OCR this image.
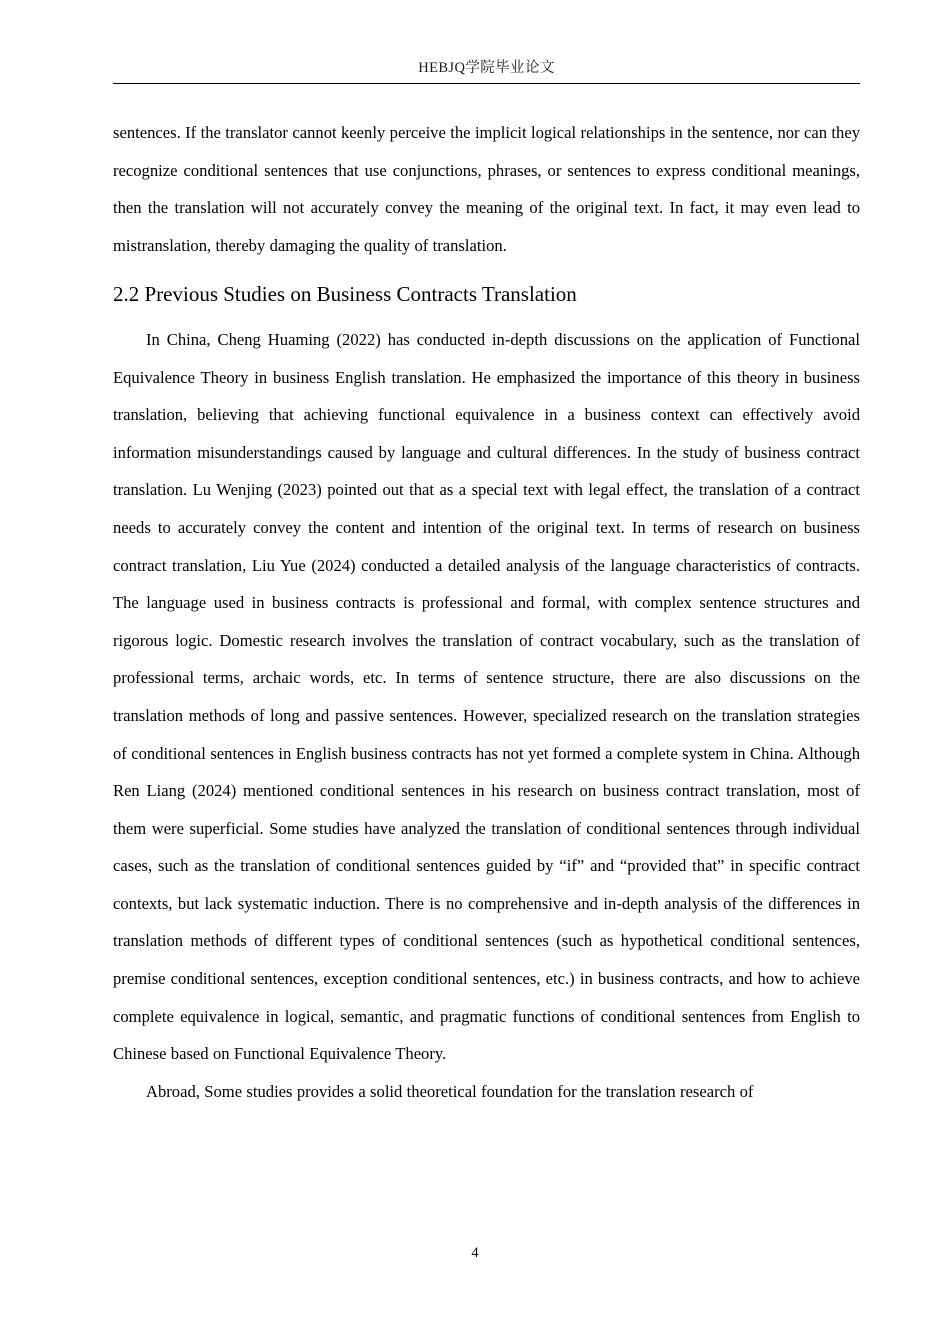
HEBJQ学院毕业论文

sentences. If the translator cannot keenly perceive the implicit logical relationships in the sentence, nor can they recognize conditional sentences that use conjunctions, phrases, or sentences to express conditional meanings, then the translation will not accurately convey the meaning of the original text. In fact, it may even lead to mistranslation, thereby damaging the quality of translation.

2.2 Previous Studies on Business Contracts Translation

In China, Cheng Huaming (2022) has conducted in-depth discussions on the application of Functional Equivalence Theory in business English translation. He emphasized the importance of this theory in business translation, believing that achieving functional equivalence in a business context can effectively avoid information misunderstandings caused by language and cultural differences. In the study of business contract translation. Lu Wenjing (2023) pointed out that as a special text with legal effect, the translation of a contract needs to accurately convey the content and intention of the original text. In terms of research on business contract translation, Liu Yue (2024) conducted a detailed analysis of the language characteristics of contracts. The language used in business contracts is professional and formal, with complex sentence structures and rigorous logic. Domestic research involves the translation of contract vocabulary, such as the translation of professional terms, archaic words, etc. In terms of sentence structure, there are also discussions on the translation methods of long and passive sentences. However, specialized research on the translation strategies of conditional sentences in English business contracts has not yet formed a complete system in China. Although Ren Liang (2024) mentioned conditional sentences in his research on business contract translation, most of them were superficial. Some studies have analyzed the translation of conditional sentences through individual cases, such as the translation of conditional sentences guided by “if” and “provided that” in specific contract contexts, but lack systematic induction. There is no comprehensive and in-depth analysis of the differences in translation methods of different types of conditional sentences (such as hypothetical conditional sentences, premise conditional sentences, exception conditional sentences, etc.) in business contracts, and how to achieve complete equivalence in logical, semantic, and pragmatic functions of conditional sentences from English to Chinese based on Functional Equivalence Theory.

Abroad, Some studies provides a solid theoretical foundation for the translation research of

4
